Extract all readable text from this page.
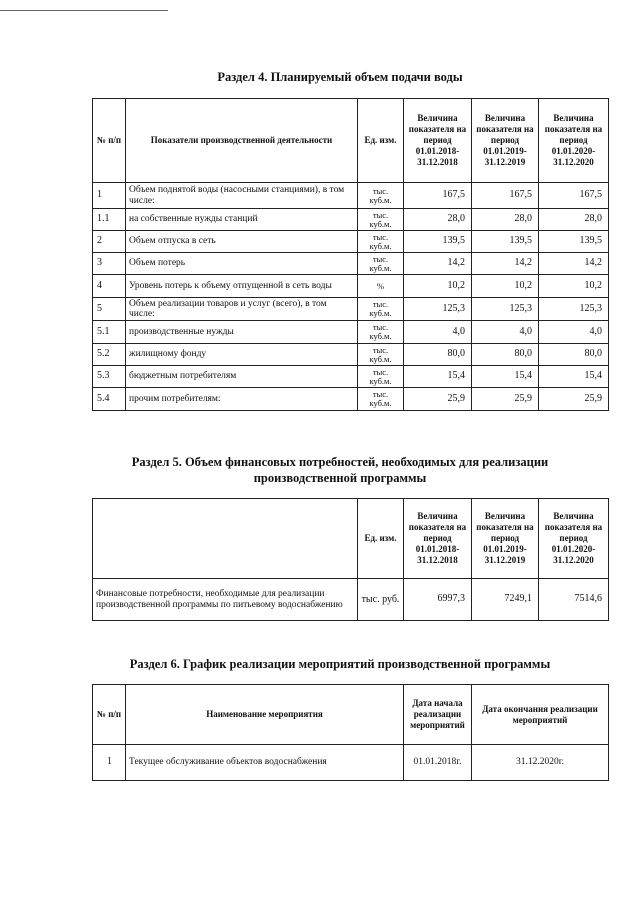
Раздел 4. Планируемый объем подачи воды
№ п/п	Показатели производственной деятельности	Ед. изм.	Величина показателя на период 01.01.2018-31.12.2018	Величина показателя на период 01.01.2019-31.12.2019	Величина показателя на период 01.01.2020-31.12.2020
1	Объем поднятой воды (насосными станциями), в том числе:	тыс. куб.м.	167,5	167,5	167,5
1.1	на собственные нужды станций	тыс. куб.м.	28,0	28,0	28,0
2	Объем отпуска в сеть	тыс. куб.м.	139,5	139,5	139,5
3	Объем потерь	тыс. куб.м.	14,2	14,2	14,2
4	Уровень потерь к объему отпущенной в сеть воды	%	10,2	10,2	10,2
5	Объем реализации товаров и услуг (всего), в том числе:	тыс. куб.м.	125,3	125,3	125,3
5.1	производственные нужды	тыс. куб.м.	4,0	4,0	4,0
5.2	жилищному фонду	тыс. куб.м.	80,0	80,0	80,0
5.3	бюджетным потребителям	тыс. куб.м.	15,4	15,4	15,4
5.4	прочим потребителям:	тыс. куб.м.	25,9	25,9	25,9
Раздел 5. Объем финансовых потребностей, необходимых для реализации
производственной программы
	Ед. изм.	Величина показателя на период 01.01.2018-31.12.2018	Величина показателя на период 01.01.2019-31.12.2019	Величина показателя на период 01.01.2020-31.12.2020
Финансовые потребности, необходимые для реализации производственной программы по питьевому водоснабжению	тыс. руб.	6997,3	7249,1	7514,6
Раздел 6. График реализации мероприятий производственной программы
№ п/п	Наименование мероприятия	Дата начала реализации мероприятий	Дата окончания реализации мероприятий
1	Текущее обслуживание объектов водоснабжения	01.01.2018г.	31.12.2020г.
